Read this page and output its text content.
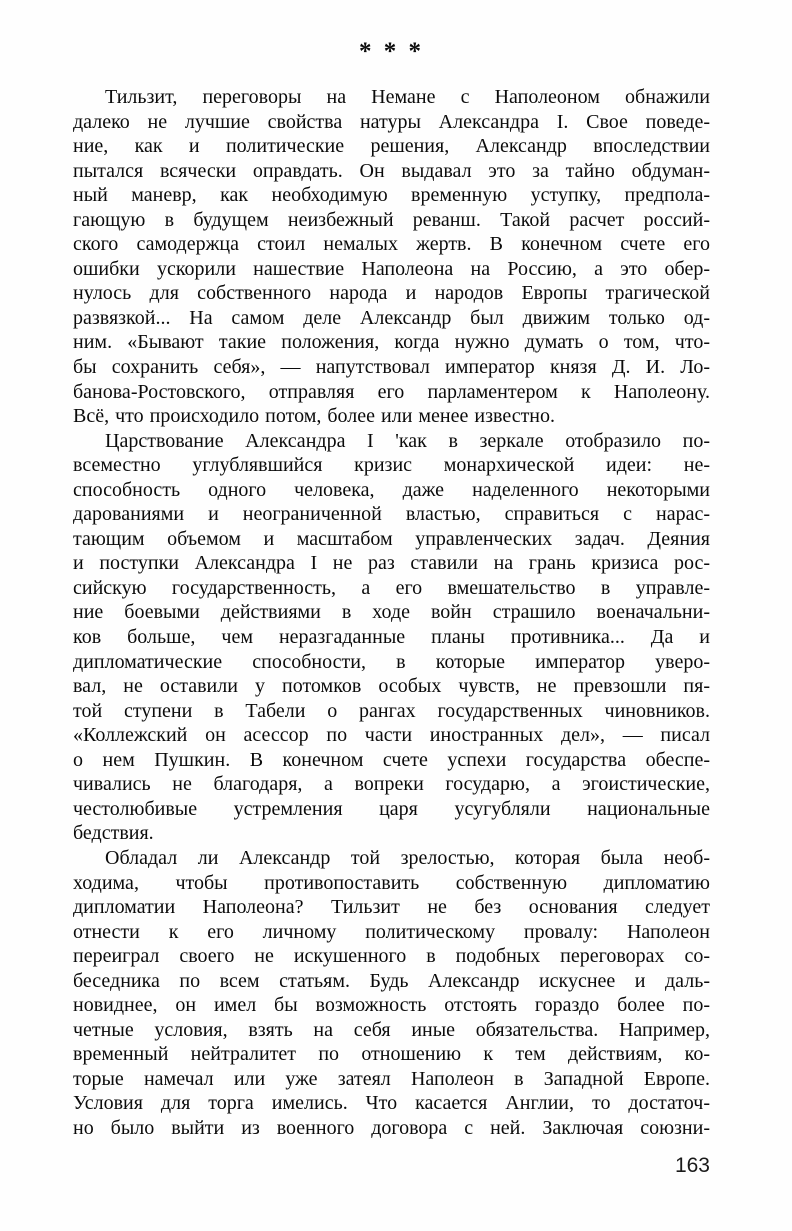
* * *
Тильзит, переговоры на Немане с Наполеоном обнажили
далеко не лучшие свойства натуры Александра I. Свое поведе-
ние, как и политические решения, Александр впоследствии
пытался всячески оправдать. Он выдавал это за тайно обдуман-
ный маневр, как необходимую временную уступку, предпола-
гающую в будущем неизбежный реванш. Такой расчет россий-
ского самодержца стоил немалых жертв. В конечном счете его
ошибки ускорили нашествие Наполеона на Россию, а это обер-
нулось для собственного народа и народов Европы трагической
развязкой... На самом деле Александр был движим только од-
ним. «Бывают такие положения, когда нужно думать о том, что-
бы сохранить себя», — напутствовал император князя Д. И. Ло-
банова-Ростовского, отправляя его парламентером к Наполеону.
Всё, что происходило потом, более или менее известно.
Царствование Александра I 'как в зеркале отобразило по-
всеместно углублявшийся кризис монархической идеи: не-
способность одного человека, даже наделенного некоторыми
дарованиями и неограниченной властью, справиться с нарас-
тающим объемом и масштабом управленческих задач. Деяния
и поступки Александра I не раз ставили на грань кризиса рос-
сийскую государственность, а его вмешательство в управле-
ние боевыми действиями в ходе войн страшило военачальни-
ков больше, чем неразгаданные планы противника... Да и
дипломатические способности, в которые император уверо-
вал, не оставили у потомков особых чувств, не превзошли пя-
той ступени в Табели о рангах государственных чиновников.
«Коллежский он асессор по части иностранных дел», — писал
о нем Пушкин. В конечном счете успехи государства обеспе-
чивались не благодаря, а вопреки государю, а эгоистические,
честолюбивые устремления царя усугубляли национальные
бедствия.
Обладал ли Александр той зрелостью, которая была необ-
ходима, чтобы противопоставить собственную дипломатию
дипломатии Наполеона? Тильзит не без основания следует
отнести к его личному политическому провалу: Наполеон
переиграл своего не искушенного в подобных переговорах со-
беседника по всем статьям. Будь Александр искуснее и даль-
новиднее, он имел бы возможность отстоять гораздо более по-
четные условия, взять на себя иные обязательства. Например,
временный нейтралитет по отношению к тем действиям, ко-
торые намечал или уже затеял Наполеон в Западной Европе.
Условия для торга имелись. Что касается Англии, то достаточ-
но было выйти из военного договора с ней. Заключая союзни-
163
